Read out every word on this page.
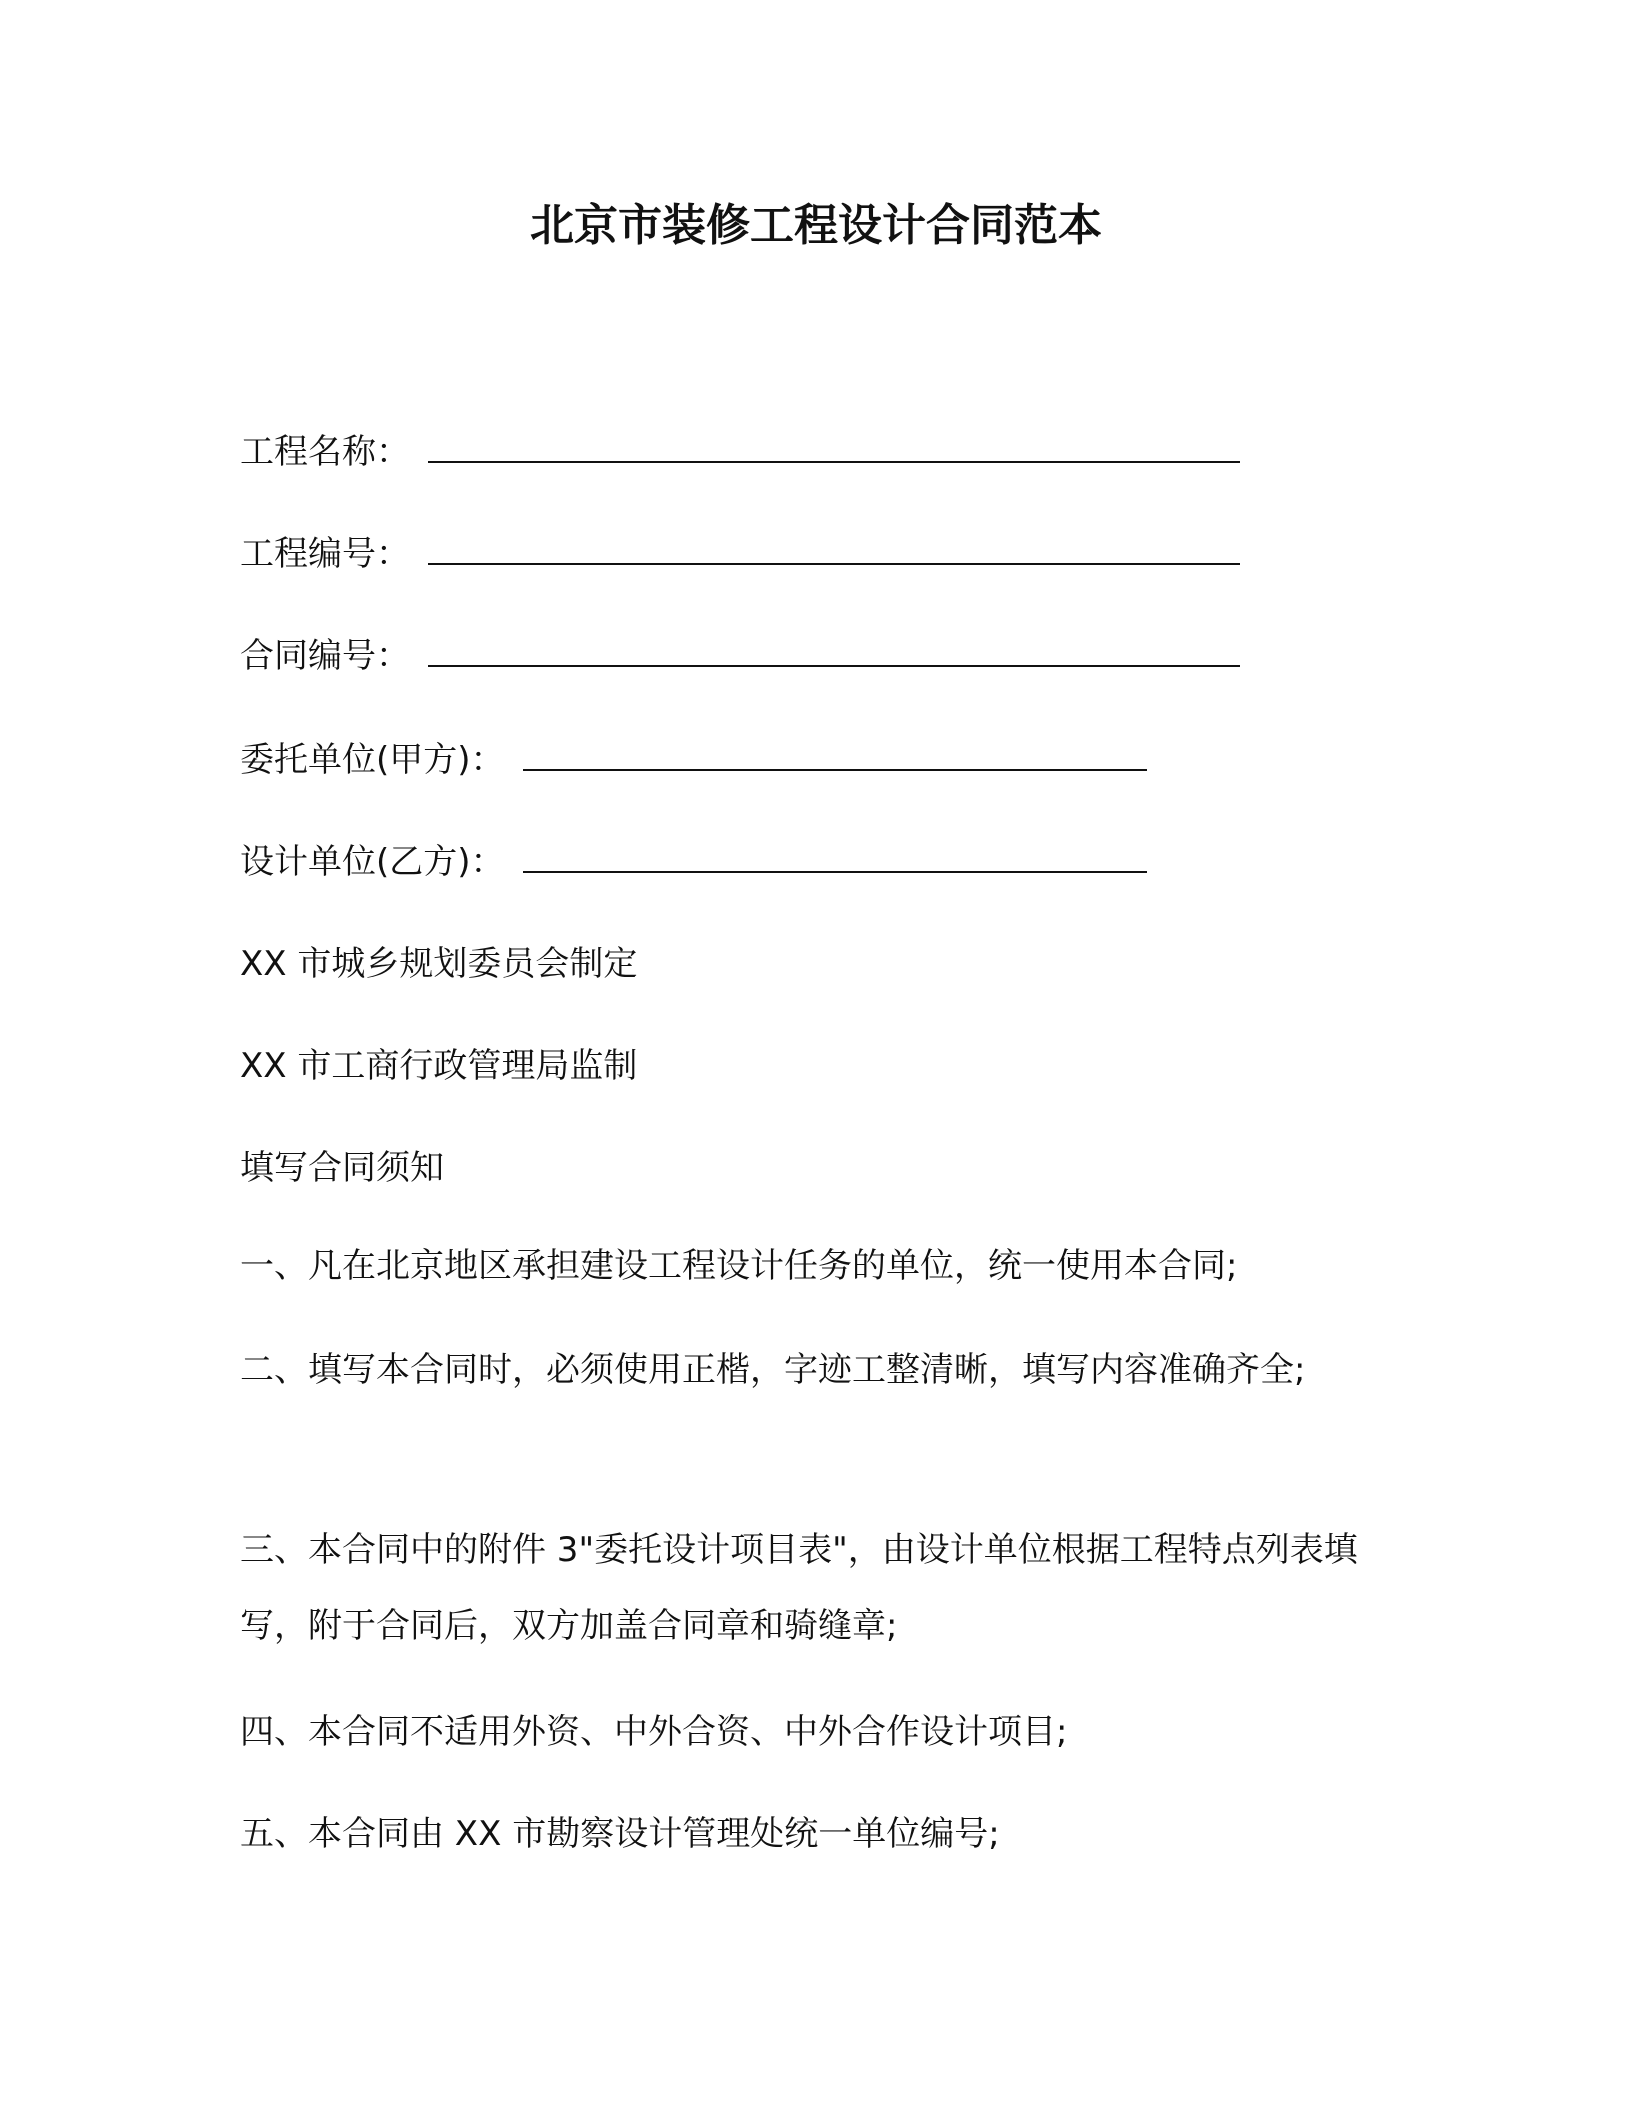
北京市装修工程设计合同范本
工程名称：
工程编号：
合同编号：
委托单位(甲方)：
设计单位(乙方)：

XX 市城乡规划委员会制定

XX 市工商行政管理局监制

填写合同须知

一、凡在北京地区承担建设工程设计任务的单位，统一使用本合同;

二、填写本合同时，必须使用正楷，字迹工整清晰，填写内容准确齐全;

三、本合同中的附件 3"委托设计项目表"，由设计单位根据工程特点列表填写，附于合同后，双方加盖合同章和骑缝章;

四、本合同不适用外资、中外合资、中外合作设计项目;

五、本合同由 XX 市勘察设计管理处统一单位编号;
